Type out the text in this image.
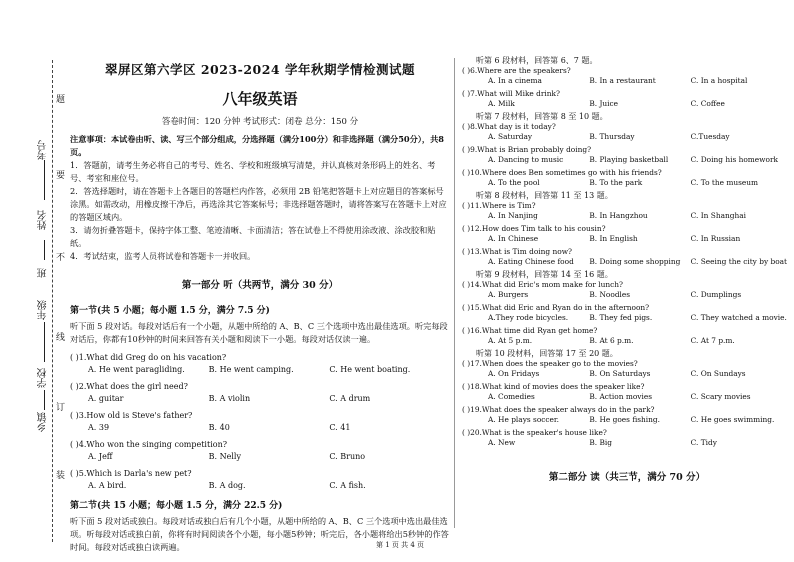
考号
姓名
班
年级
学校
乡镇
题
要
不
线
订
装

翠屏区第六学区 2023-2024 学年秋期学情检测试题

八年级英语

答卷时间：120 分钟 考试形式：闭卷 总分：150 分

注意事项：本试卷由听、读、写三个部分组成，分选择题（满分100分）和非选择题（满分50分），共8页。

1．答题前，请考生务必将自己的考号、姓名、学校和班级填写清楚，并认真核对条形码上的姓名、考号、考室和座位号。

2．答选择题时，请在答题卡上各题目的答题栏内作答，必须用 2B 铅笔把答题卡上对应题目的答案标号涂黑。如需改动，用橡皮擦干净后，再选涂其它答案标号；非选择题答题时，请将答案写在答题卡上对应的答题区域内。

3．请勿折叠答题卡，保持字体工整、笔迹清晰、卡面清洁；答在试卷上不得使用涂改液、涂改胶和贴纸。

4．考试结束，监考人员将试卷和答题卡一并收回。

第一部分 听（共两节，满分 30 分）
第一节(共 5 小题；每小题 1.5 分，满分 7.5 分)

听下面 5 段对话。每段对话后有一个小题，从题中所给的 A、B、C 三个选项中选出最佳选项。听完每段对话后，你都有10秒钟的时间来回答有关小题和阅读下一小题。每段对话仅读一遍。

( )1.What did Greg do on his vacation?
A. He went paragliding.	B. He went camping.	C. He went boating.
( )2.What does the girl need?
A. guitar	B. A violin	C. A drum
( )3.How old is Steve's father?
A. 39	B. 40	C. 41
( )4.Who won the singing competition?
A. Jeff	B. Nelly	C. Bruno
( )5.Which is Darla's new pet?
A. A bird.	B. A dog.	C. A fish.
第二节(共 15 小题；每小题 1.5 分，满分 22.5 分)

听下面 5 段对话或独白。每段对话或独白后有几个小题，从题中所给的 A、B、C 三个选项中选出最佳选项。听每段对话或独白前，你将有时间阅读各个小题，每小题5秒钟；听完后，各小题将给出5秒钟的作答时间。每段对话或独白读两遍。

听第 6 段材料，回答第 6、7 题。
( )6.Where are the speakers?
A. In a cinema	B. In a restaurant	C. In a hospital
( )7.What will Mike drink?
A. Milk	B. Juice	C. Coffee
听第 7 段材料，回答第 8 至 10 题。
( )8.What day is it today?
A. Saturday	B. Thursday	C.Tuesday
( )9.What is Brian probably doing?
A. Dancing to music	B. Playing basketball	C. Doing his homework
( )10.Where does Ben sometimes go with his friends?
A. To the pool	B. To the park	C. To the museum
听第 8 段材料，回答第 11 至 13 题。
( )11.Where is Tim?
A. In Nanjing	B. In Hangzhou	C. In Shanghai
( )12.How does Tim talk to his cousin?
A. In Chinese	B. In English	C. In Russian
( )13.What is Tim doing now?
A. Eating Chinese food	B. Doing some shopping	C. Seeing the city by boat
听第 9 段材料，回答第 14 至 16 题。
( )14.What did Eric's mom make for lunch?
A. Burgers	B. Noodles	C. Dumplings
( )15.What did Eric and Ryan do in the afternoon?
A.They rode bicycles.	B. They fed pigs.	C. They watched a movie.
( )16.What time did Ryan get home?
A. At 5 p.m.	B. At 6 p.m.	C. At 7 p.m.
听第 10 段材料，回答第 17 至 20 题。
( )17.When does the speaker go to the movies?
A. On Fridays	B. On Saturdays	C. On Sundays
( )18.What kind of movies does the speaker like?
A. Comedies	B. Action movies	C. Scary movies
( )19.What does the speaker always do in the park?
A. He plays soccer.	B. He goes fishing.	C. He goes swimming.
( )20.What is the speaker's house like?
A. New	B. Big	C. Tidy
第二部分 读（共三节，满分 70 分）
第 1 页 共 4 页
